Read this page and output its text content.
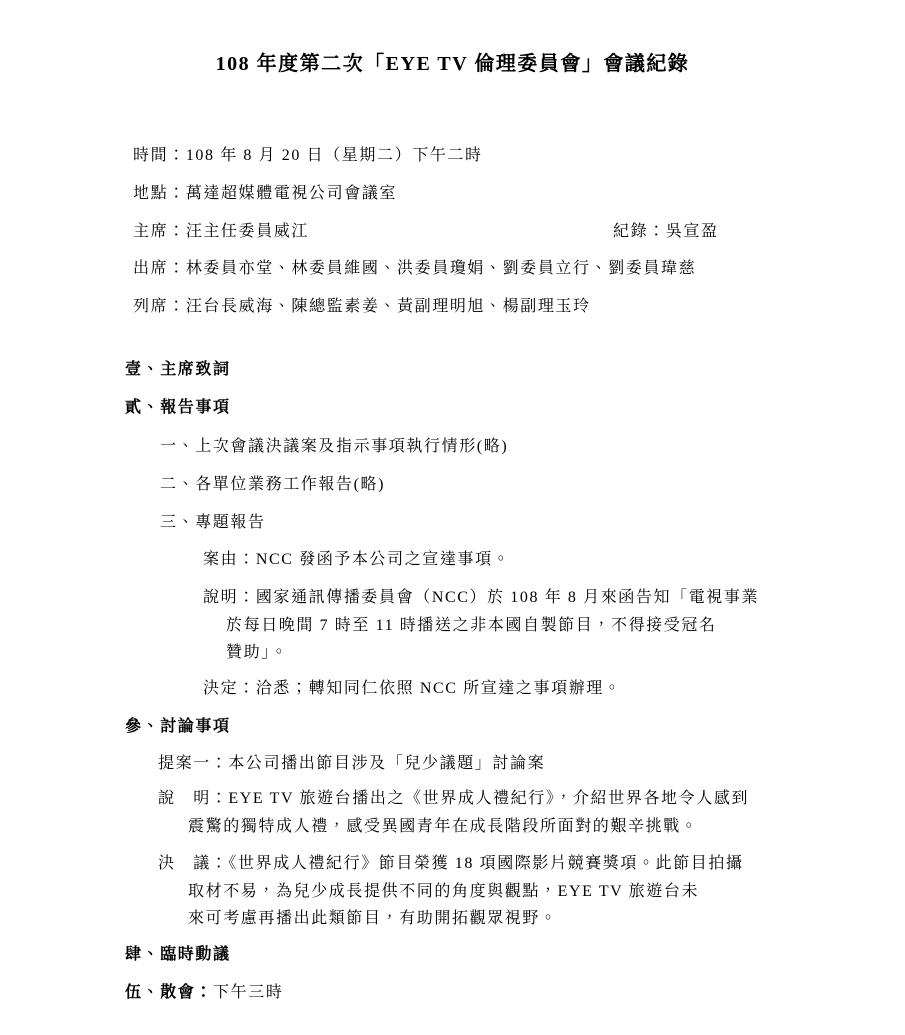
108 年度第二次「EYE TV 倫理委員會」會議紀錄
時間：108 年 8 月 20 日（星期二）下午二時
地點：萬達超媒體電視公司會議室
主席：汪主任委員威江	紀錄：吳宣盈
出席：林委員亦堂、林委員維國、洪委員瓊娟、劉委員立行、劉委員瑋慈
列席：汪台長威海、陳總監素姜、黃副理明旭、楊副理玉玲
壹、主席致詞
貳、報告事項
一、上次會議決議案及指示事項執行情形(略)
二、各單位業務工作報告(略)
三、專題報告
案由：NCC 發函予本公司之宣達事項。
說明：國家通訊傳播委員會（NCC）於 108 年 8 月來函告知「電視事業
於每日晚間 7 時至 11 時播送之非本國自製節目，不得接受冠名
贊助」。
決定：洽悉；轉知同仁依照 NCC 所宣達之事項辦理。
參、討論事項
提案一：本公司播出節目涉及「兒少議題」討論案
說　明：EYE TV 旅遊台播出之《世界成人禮紀行》，介紹世界各地令人感到
震驚的獨特成人禮，感受異國青年在成長階段所面對的艱辛挑戰。
決　議：《世界成人禮紀行》節目榮獲 18 項國際影片競賽獎項。此節目拍攝
取材不易，為兒少成長提供不同的角度與觀點，EYE TV 旅遊台未
來可考慮再播出此類節目，有助開拓觀眾視野。
肆、臨時動議
伍、散會：下午三時
